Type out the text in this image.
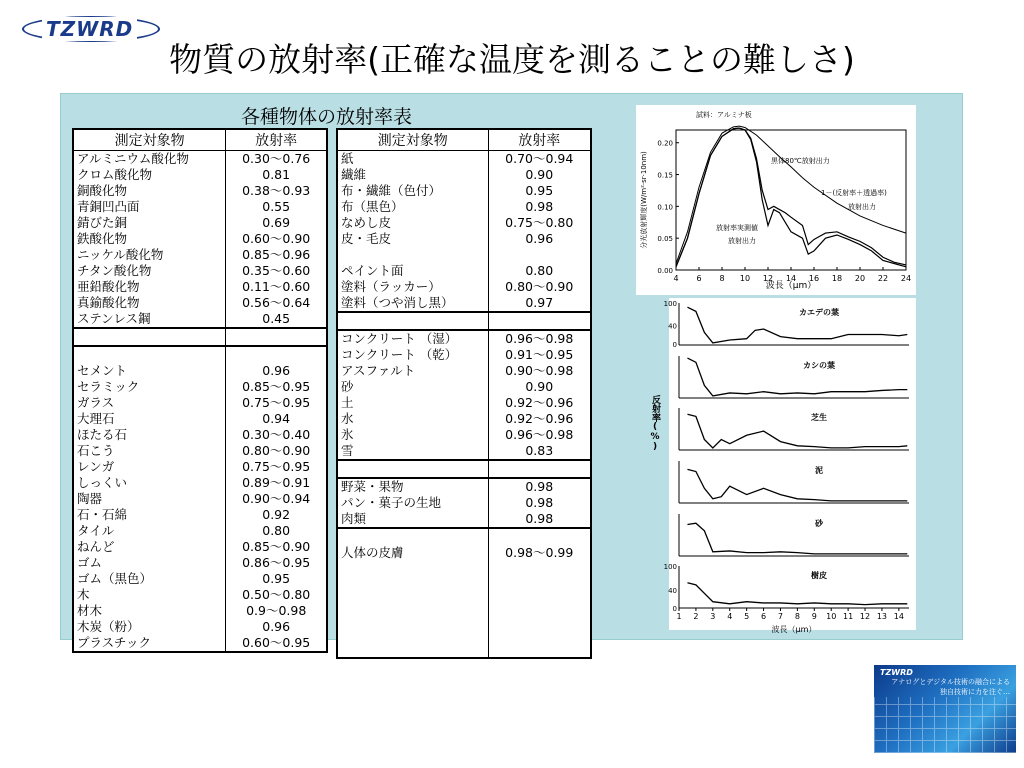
TZWRD
物質の放射率(正確な温度を測ることの難しさ)
各種物体の放射率表
測定対象物	放射率
アルミニウム酸化物	0.30〜0.76
クロム酸化物	0.81
銅酸化物	0.38〜0.93
青銅凹凸面	0.55
錆びた銅	0.69
鉄酸化物	0.60〜0.90
ニッケル酸化物	0.85〜0.96
チタン酸化物	0.35〜0.60
亜鉛酸化物	0.11〜0.60
真鍮酸化物	0.56〜0.64
ステンレス鋼	0.45

セメント	0.96
セラミック	0.85〜0.95
ガラス	0.75〜0.95
大理石	0.94
ほたる石	0.30〜0.40
石こう	0.80〜0.90
レンガ	0.75〜0.95
しっくい	0.89〜0.91
陶器	0.90〜0.94
石・石綿	0.92
タイル	0.80
ねんど	0.85〜0.90
ゴム	0.86〜0.95
ゴム（黒色）	0.95
木	0.50〜0.80
材木	0.9〜0.98
木炭（粉）	0.96
プラスチック	0.60〜0.95
測定対象物	放射率
紙	0.70〜0.94
繊維	0.90
布・繊維（色付）	0.95
布（黒色）	0.98
なめし皮	0.75〜0.80
皮・毛皮	0.96

ペイント面	0.80
塗料（ラッカー）	0.80〜0.90
塗料（つや消し黒）	0.97

コンクリート （湿）	0.96〜0.98
コンクリート （乾）	0.91〜0.95
アスファルト	0.90〜0.98
砂	0.90
土	0.92〜0.96
水	0.92〜0.96
氷	0.96〜0.98
雪	0.83

野菜・果物	0.98
パン・菓子の生地	0.98
肉類	0.98

人体の皮膚	0.98〜0.99

4 6 8 10 12 14 16 18 20 22 24
0.00
0.05
0.10
0.15
0.20
試料：アルミナ板
波長（μm）
分光放射輝度(W/m²·sr·10nm)	黒体80℃放射出力
1－(反射率＋透過率)
放射出力
放射率実測値
放射出力
カエデの葉
カシの葉
芝生
泥
砂
樹皮
100
40
0
100
40
0
1 2 3 4 5 6 7 8 9 10 11 12 13 14
波長（μm）
TZWRD
アナログとデジタル技術の融合による
独自技術に力を注ぐ…
反射率(%)
